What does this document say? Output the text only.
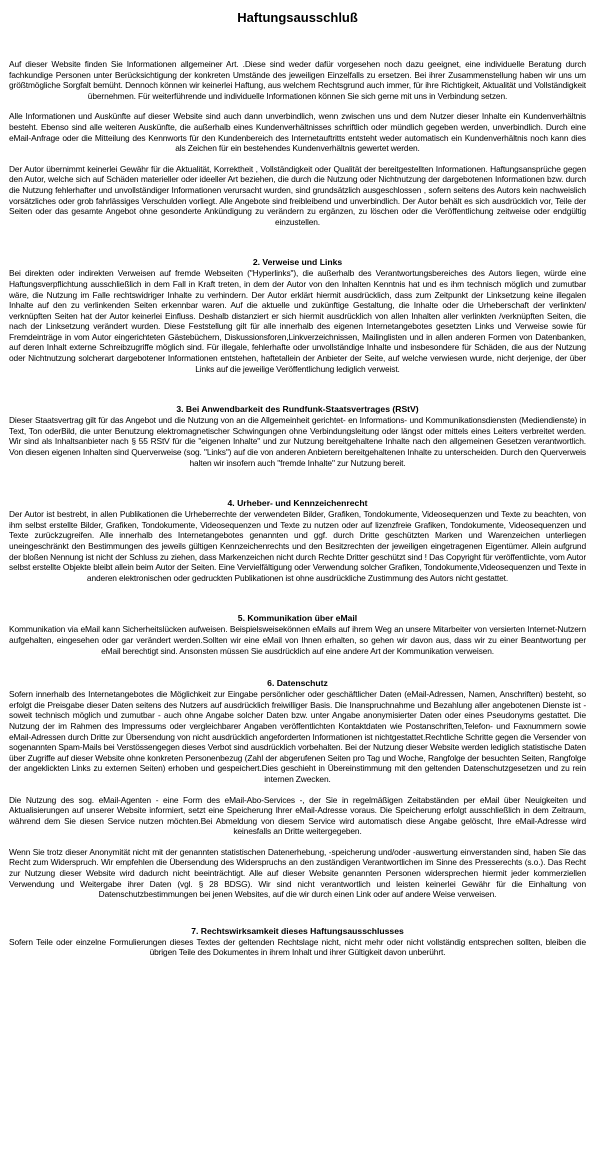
Haftungsausschluß

Auf dieser Website finden Sie Informationen allgemeiner Art. .Diese sind weder dafür vorgesehen noch dazu geeignet, eine individuelle Beratung durch fachkundige Personen unter Berücksichtigung der konkreten Umstände des jeweiligen Einzelfalls zu ersetzen. Bei ihrer Zusammenstellung haben wir uns um größtmögliche Sorgfalt bemüht. Dennoch können wir keinerlei Haftung, aus welchem Rechtsgrund auch immer, für ihre Richtigkeit, Aktualität und Vollständigkeit übernehmen. Für weiterführende und individuelle Informationen können Sie sich gerne mit uns in Verbindung setzen.

Alle Informationen und Auskünfte auf dieser Website sind auch dann unverbindlich, wenn zwischen uns und dem Nutzer dieser Inhalte ein Kundenverhältnis besteht. Ebenso sind alle weiteren Auskünfte, die außerhalb eines Kundenverhältnisses schriftlich oder mündlich gegeben werden, unverbindlich. Durch eine eMail-Anfrage oder die Mitteilung des Kennworts für den Kundenbereich des Internetauftritts entsteht weder automatisch ein Kundenverhältnis noch kann dies als Zeichen für ein bestehendes Kundenverhältnis gewertet werden.

Der Autor übernimmt keinerlei Gewähr für die Aktualität, Korrektheit , Vollständigkeit oder Qualität der bereitgestellten Informationen. Haftungsansprüche gegen den Autor, welche sich auf Schäden materieller oder ideeller Art beziehen, die durch die Nutzung oder Nichtnutzung der dargebotenen Informationen bzw. durch die Nutzung fehlerhafter und unvollständiger Informationen verursacht wurden, sind grundsätzlich ausgeschlossen , sofern seitens des Autors kein nachweislich vorsätzliches oder grob fahrlässiges Verschulden vorliegt. Alle Angebote sind freibleibend und unverbindlich. Der Autor behält es sich ausdrücklich vor, Teile der Seiten oder das gesamte Angebot ohne gesonderte Ankündigung zu verändern zu ergänzen, zu löschen oder die Veröffentlichung zeitweise oder endgültig einzustellen.

2. Verweise und Links

Bei direkten oder indirekten Verweisen auf fremde Webseiten ("Hyperlinks"), die außerhalb des Verantwortungsbereiches des Autors liegen, würde eine Haftungsverpflichtung ausschließlich in dem Fall in Kraft treten, in dem der Autor von den Inhalten Kenntnis hat und es ihm technisch möglich und zumutbar wäre, die Nutzung im Falle rechtswidriger Inhalte zu verhindern. Der Autor erklärt hiermit ausdrücklich, dass zum Zeitpunkt der Linksetzung keine illegalen Inhalte auf den zu verlinkenden Seiten erkennbar waren. Auf die aktuelle und zukünftige Gestaltung, die Inhalte oder die Urheberschaft der verlinkten/ verknüpften Seiten hat der Autor keinerlei Einfluss. Deshalb distanziert er sich hiermit ausdrücklich von allen Inhalten aller verlinkten /verknüpften Seiten, die nach der Linksetzung verändert wurden. Diese Feststellung gilt für alle innerhalb des eigenen Internetangebotes gesetzten Links und Verweise sowie für Fremdeinträge in vom Autor eingerichteten Gästebüchern, Diskussionsforen,Linkverzeichnissen, Mailinglisten und in allen anderen Formen von Datenbanken, auf deren Inhalt externe Schreibzugriffe möglich sind. Für illegale, fehlerhafte oder unvollständige Inhalte und insbesondere für Schäden, die aus der Nutzung oder Nichtnutzung solcherart dargebotener Informationen entstehen, haftetallein der Anbieter der Seite, auf welche verwiesen wurde, nicht derjenige, der über Links auf die jeweilige Veröffentlichung lediglich verweist.

3. Bei Anwendbarkeit des Rundfunk-Staatsvertrages (RStV)

Dieser Staatsvertrag gilt für das Angebot und die Nutzung von an die Allgemeinheit gerichtet- en Informations- und Kommunikationsdiensten (Mediendienste) in Text, Ton oderBild, die unter Benutzung elektromagnetischer Schwingungen ohne Verbindungsleitung oder längst oder mittels eines Leiters verbreitet werden. Wir sind als Inhaltsanbieter nach § 55 RStV für die "eigenen Inhalte" und zur Nutzung bereitgehaltene Inhalte nach den allgemeinen Gesetzen verantwortlich. Von diesen eigenen Inhalten sind Querverweise (sog. "Links") auf die von anderen Anbietern bereitgehaltenen Inhalte zu unterscheiden. Durch den Querverweis halten wir insofern auch "fremde Inhalte" zur Nutzung bereit.

4. Urheber- und Kennzeichenrecht

Der Autor ist bestrebt, in allen Publikationen die Urheberrechte der verwendeten Bilder, Grafiken, Tondokumente, Videosequenzen und Texte zu beachten, von ihm selbst erstellte Bilder, Grafiken, Tondokumente, Videosequenzen und Texte zu nutzen oder auf lizenzfreie Grafiken, Tondokumente, Videosequenzen und Texte zurückzugreifen. Alle innerhalb des Internetangebotes genannten und ggf. durch Dritte geschützten Marken und Warenzeichen unterliegen uneingeschränkt den Bestimmungen des jeweils gültigen Kennzeichenrechts und den Besitzrechten der jeweiligen eingetragenen Eigentümer. Allein aufgrund der bloßen Nennung ist nicht der Schluss zu ziehen, dass Markenzeichen nicht durch Rechte Dritter geschützt sind ! Das Copyright für veröffentlichte, vom Autor selbst erstellte Objekte bleibt allein beim Autor der Seiten. Eine Vervielfältigung oder Verwendung solcher Grafiken, Tondokumente,Videosequenzen und Texte in anderen elektronischen oder gedruckten Publikationen ist ohne ausdrückliche Zustimmung des Autors nicht gestattet.

5. Kommunikation über eMail

Kommunikation via eMail kann Sicherheitslücken aufweisen. Beispielsweisekönnen eMails auf ihrem Weg an unsere Mitarbeiter von versierten Internet-Nutzern aufgehalten, eingesehen oder gar verändert werden.Sollten wir eine eMail von Ihnen erhalten, so gehen wir davon aus, dass wir zu einer Beantwortung per eMail berechtigt sind. Ansonsten müssen Sie ausdrücklich auf eine andere Art der Kommunikation verweisen.

6. Datenschutz

Sofern innerhalb des Internetangebotes die Möglichkeit zur Eingabe persönlicher oder geschäftlicher Daten (eMail-Adressen, Namen, Anschriften) besteht, so erfolgt die Preisgabe dieser Daten seitens des Nutzers auf ausdrücklich freiwilliger Basis. Die Inanspruchnahme und Bezahlung aller angebotenen Dienste ist - soweit technisch möglich und zumutbar - auch ohne Angabe solcher Daten bzw. unter Angabe anonymisierter Daten oder eines Pseudonyms gestattet. Die Nutzung der im Rahmen des Impressums oder vergleichbarer Angaben veröffentlichten Kontaktdaten wie Postanschriften,Telefon- und Faxnummern sowie eMail-Adressen durch Dritte zur Übersendung von nicht ausdrücklich angeforderten Informationen ist nichtgestattet.Rechtliche Schritte gegen die Versender von sogenannten Spam-Mails bei Verstössengegen dieses Verbot sind ausdrücklich vorbehalten. Bei der Nutzung dieser Website werden lediglich statistische Daten über Zugriffe auf dieser Website ohne konkreten Personenbezug (Zahl der abgerufenen Seiten pro Tag und Woche, Rangfolge der besuchten Seiten, Rangfolge der angeklickten Links zu externen Seiten) erhoben und gespeichert.Dies geschieht in Übereinstimmung mit den geltenden Datenschutzgesetzen und zu rein internen Zwecken.

Die Nutzung des sog. eMail-Agenten - eine Form des eMail-Abo-Services -, der Sie in regelmäßigen Zeitabständen per eMail über Neuigkeiten und Aktualisierungen auf unserer Website informiert, setzt eine Speicherung Ihrer eMail-Adresse voraus. Die Speicherung erfolgt ausschließlich in dem Zeitraum, während dem Sie diesen Service nutzen möchten.Bei Abmeldung von diesem Service wird automatisch diese Angabe gelöscht, Ihre eMail-Adresse wird keinesfalls an Dritte weitergegeben.

Wenn Sie trotz dieser Anonymität nicht mit der genannten statistischen Datenerhebung, -speicherung und/oder -auswertung einverstanden sind, haben Sie das Recht zum Widerspruch. Wir empfehlen die Übersendung des Widerspruchs an den zuständigen Verantwortlichen im Sinne des Presserechts (s.o.). Das Recht zur Nutzung dieser Website wird dadurch nicht beeinträchtigt. Alle auf dieser Website genannten Personen widersprechen hiermit jeder kommerziellen Verwendung und Weitergabe ihrer Daten (vgl. § 28 BDSG). Wir sind nicht verantwortlich und leisten keinerlei Gewähr für die Einhaltung von Datenschutzbestimmungen bei jenen Websites, auf die wir durch einen Link oder auf andere Weise verweisen.

7. Rechtswirksamkeit dieses Haftungsausschlusses

Sofern Teile oder einzelne Formulierungen dieses Textes der geltenden Rechtslage nicht, nicht mehr oder nicht vollständig entsprechen sollten, bleiben die übrigen Teile des Dokumentes in ihrem Inhalt und ihrer Gültigkeit davon unberührt.
